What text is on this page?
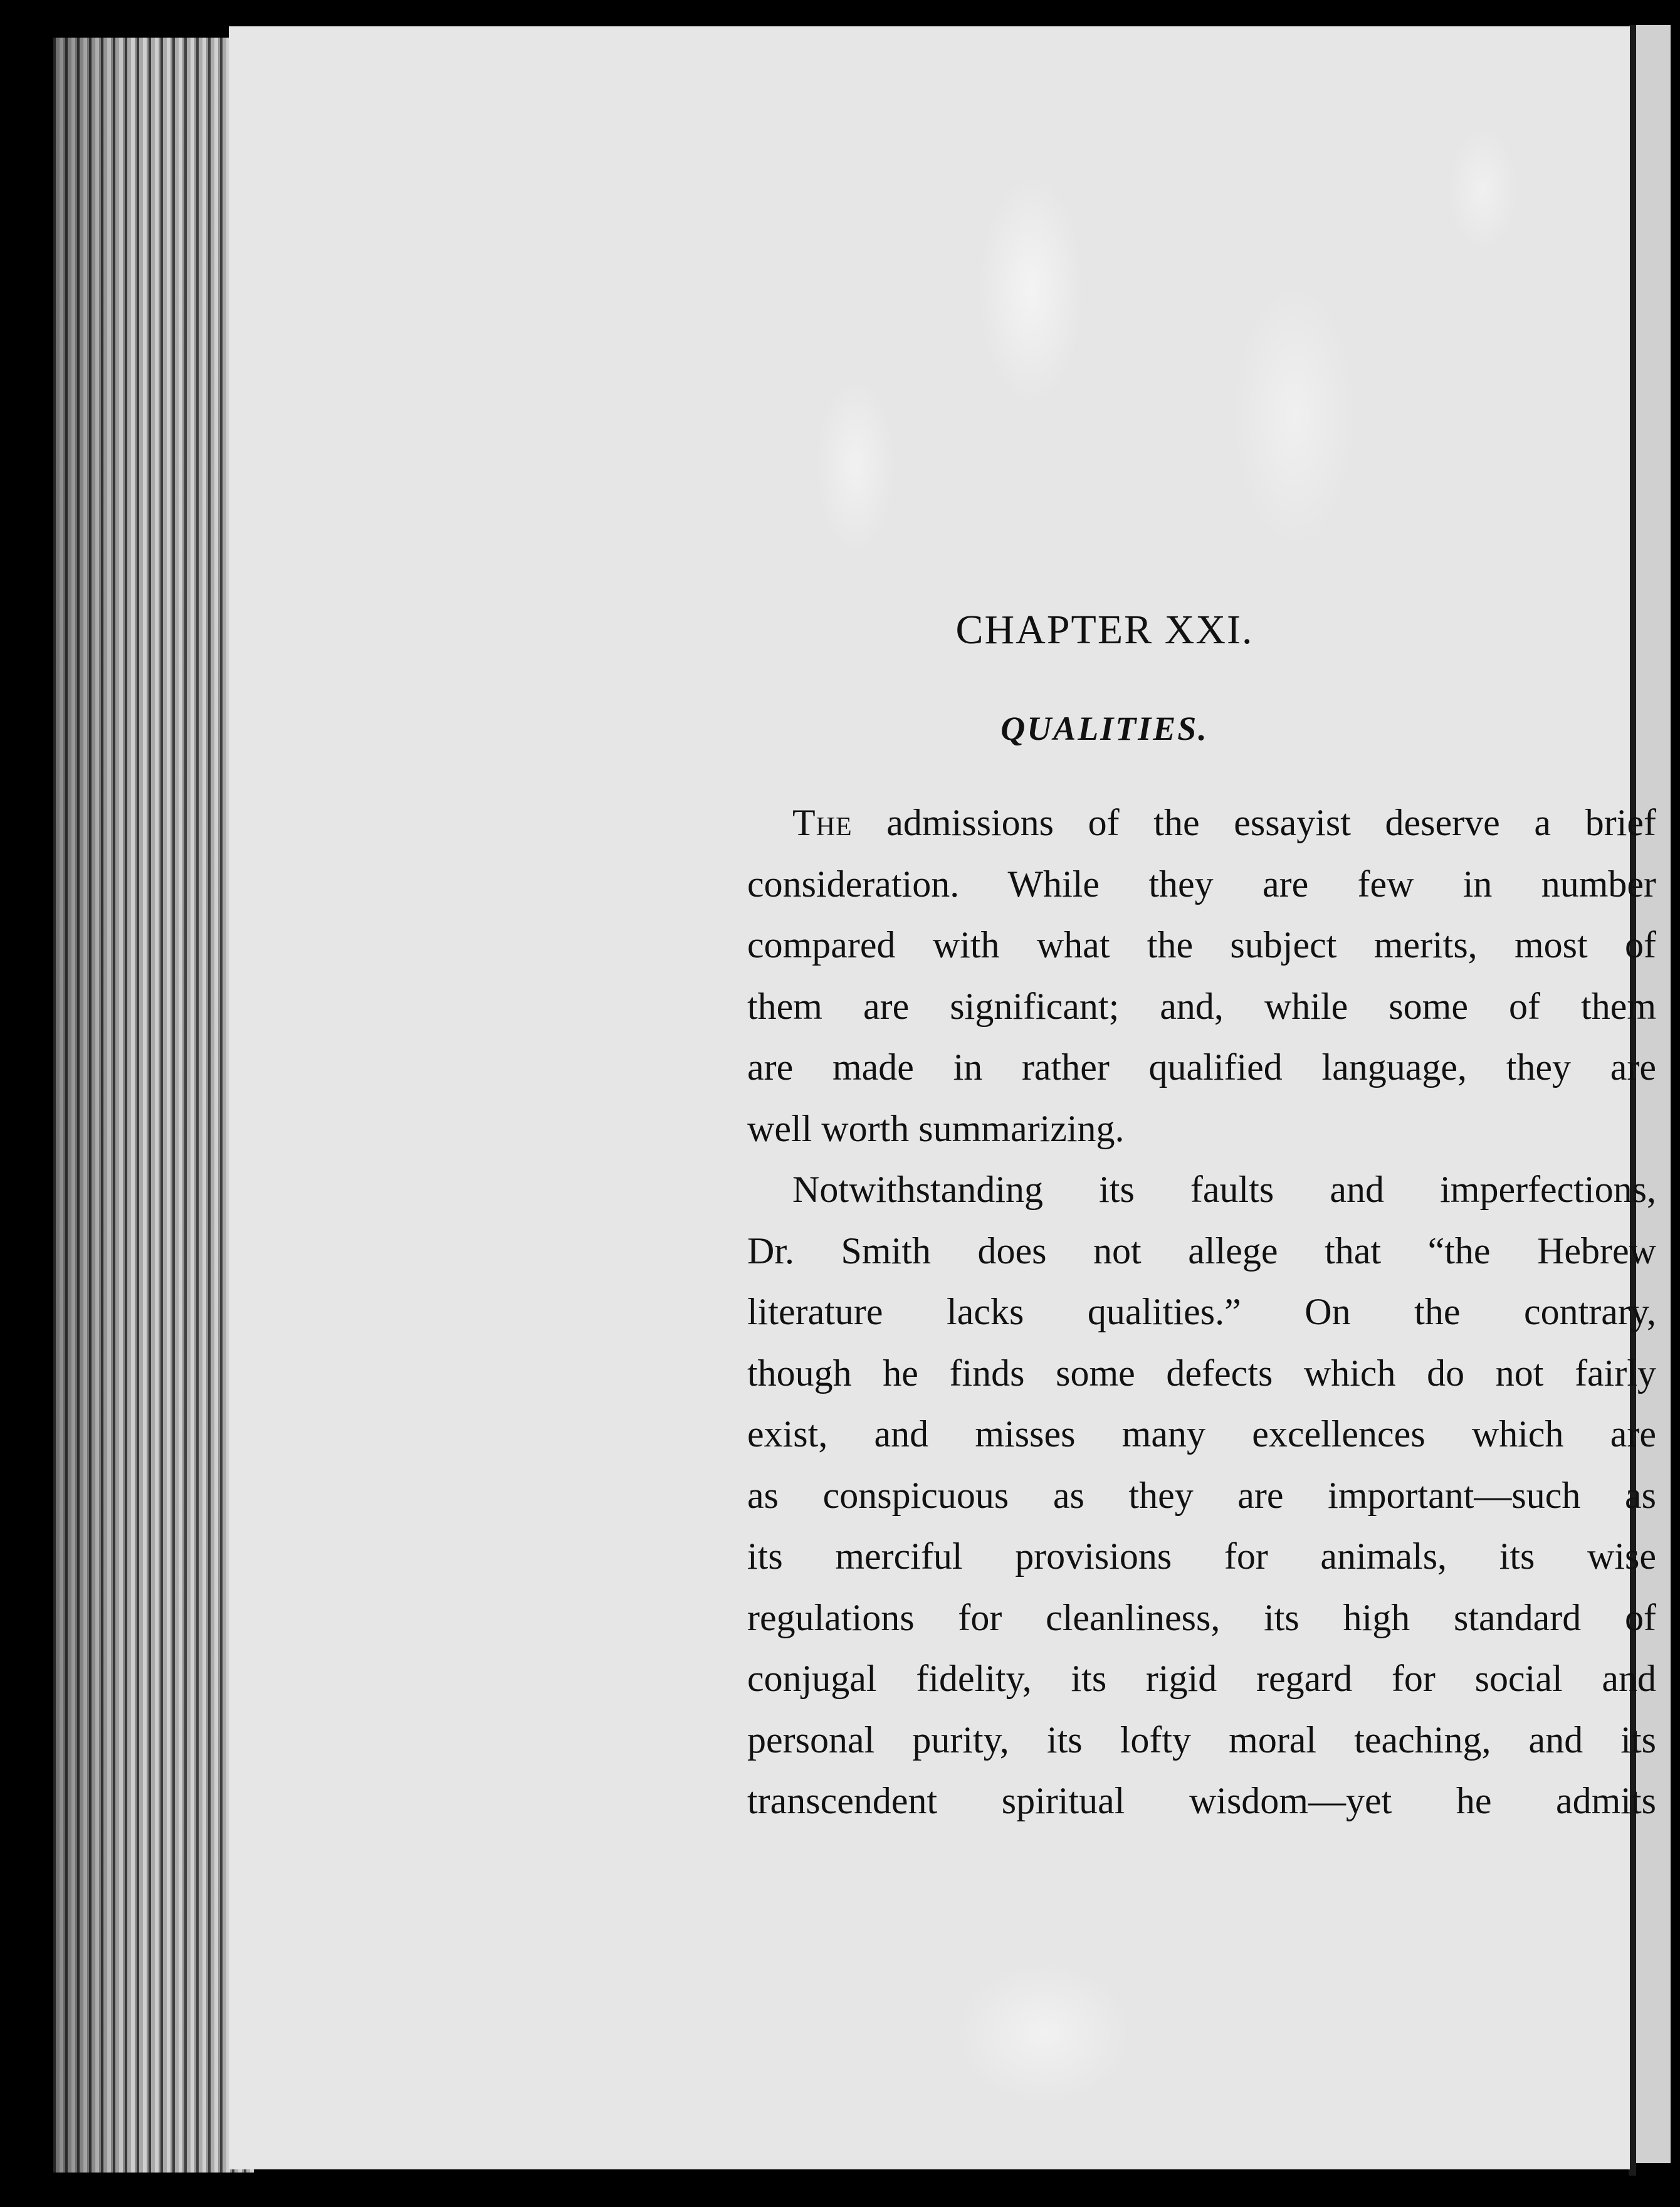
CHAPTER XXI.
QUALITIES.
The admissions of the essayist deserve a brief
consideration. While they are few in number
compared with what the subject merits, most of
them are significant; and, while some of them
are made in rather qualified language, they are
well worth summarizing.
Notwithstanding its faults and imperfections,
Dr. Smith does not allege that “the Hebrew
literature lacks qualities.” On the contrary,
though he finds some defects which do not fairly
exist, and misses many excellences which are
as conspicuous as they are important—such as
its merciful provisions for animals, its wise
regulations for cleanliness, its high standard of
conjugal fidelity, its rigid regard for social and
personal purity, its lofty moral teaching, and its
transcendent spiritual wisdom—yet he admits
